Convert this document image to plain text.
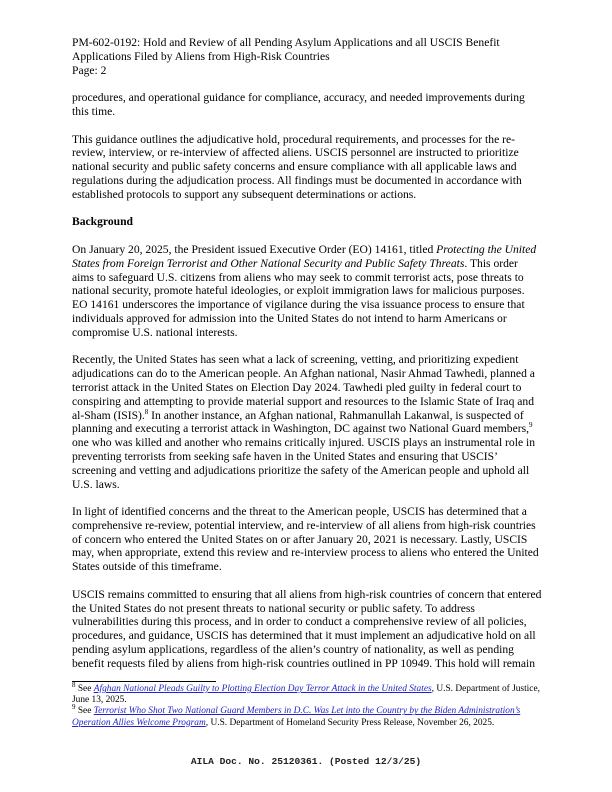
PM-602-0192: Hold and Review of all Pending Asylum Applications and all USCIS Benefit
Applications Filed by Aliens from High-Risk Countries
Page: 2

procedures, and operational guidance for compliance, accuracy, and needed improvements during this time.

This guidance outlines the adjudicative hold, procedural requirements, and processes for the re-review, interview, or re-interview of affected aliens. USCIS personnel are instructed to prioritize national security and public safety concerns and ensure compliance with all applicable laws and regulations during the adjudication process. All findings must be documented in accordance with established protocols to support any subsequent determinations or actions.

Background

On January 20, 2025, the President issued Executive Order (EO) 14161, titled Protecting the United States from Foreign Terrorist and Other National Security and Public Safety Threats. This order aims to safeguard U.S. citizens from aliens who may seek to commit terrorist acts, pose threats to national security, promote hateful ideologies, or exploit immigration laws for malicious purposes. EO 14161 underscores the importance of vigilance during the visa issuance process to ensure that individuals approved for admission into the United States do not intend to harm Americans or compromise U.S. national interests.

Recently, the United States has seen what a lack of screening, vetting, and prioritizing expedient adjudications can do to the American people. An Afghan national, Nasir Ahmad Tawhedi, planned a terrorist attack in the United States on Election Day 2024. Tawhedi pled guilty in federal court to conspiring and attempting to provide material support and resources to the Islamic State of Iraq and al-Sham (ISIS).$^8$ In another instance, an Afghan national, Rahmanullah Lakanwal, is suspected of planning and executing a terrorist attack in Washington, DC against two National Guard members,$^9$ one who was killed and another who remains critically injured. USCIS plays an instrumental role in preventing terrorists from seeking safe haven in the United States and ensuring that USCIS’ screening and vetting and adjudications prioritize the safety of the American people and uphold all U.S. laws.

In light of identified concerns and the threat to the American people, USCIS has determined that a comprehensive re-review, potential interview, and re-interview of all aliens from high-risk countries of concern who entered the United States on or after January 20, 2021 is necessary. Lastly, USCIS may, when appropriate, extend this review and re-interview process to aliens who entered the United States outside of this timeframe.

USCIS remains committed to ensuring that all aliens from high-risk countries of concern that entered the United States do not present threats to national security or public safety. To address vulnerabilities during this process, and in order to conduct a comprehensive review of all policies, procedures, and guidance, USCIS has determined that it must implement an adjudicative hold on all pending asylum applications, regardless of the alien’s country of nationality, as well as pending benefit requests filed by aliens from high-risk countries outlined in PP 10949. This hold will remain

$^8$ See Afghan National Pleads Guilty to Plotting Election Day Terror Attack in the United States, U.S. Department of Justice, June 13, 2025.

$^9$ See Terrorist Who Shot Two National Guard Members in D.C. Was Let into the Country by the Biden Administration’s Operation Allies Welcome Program, U.S. Department of Homeland Security Press Release, November 26, 2025.

AILA Doc. No. 25120361. (Posted 12/3/25)
